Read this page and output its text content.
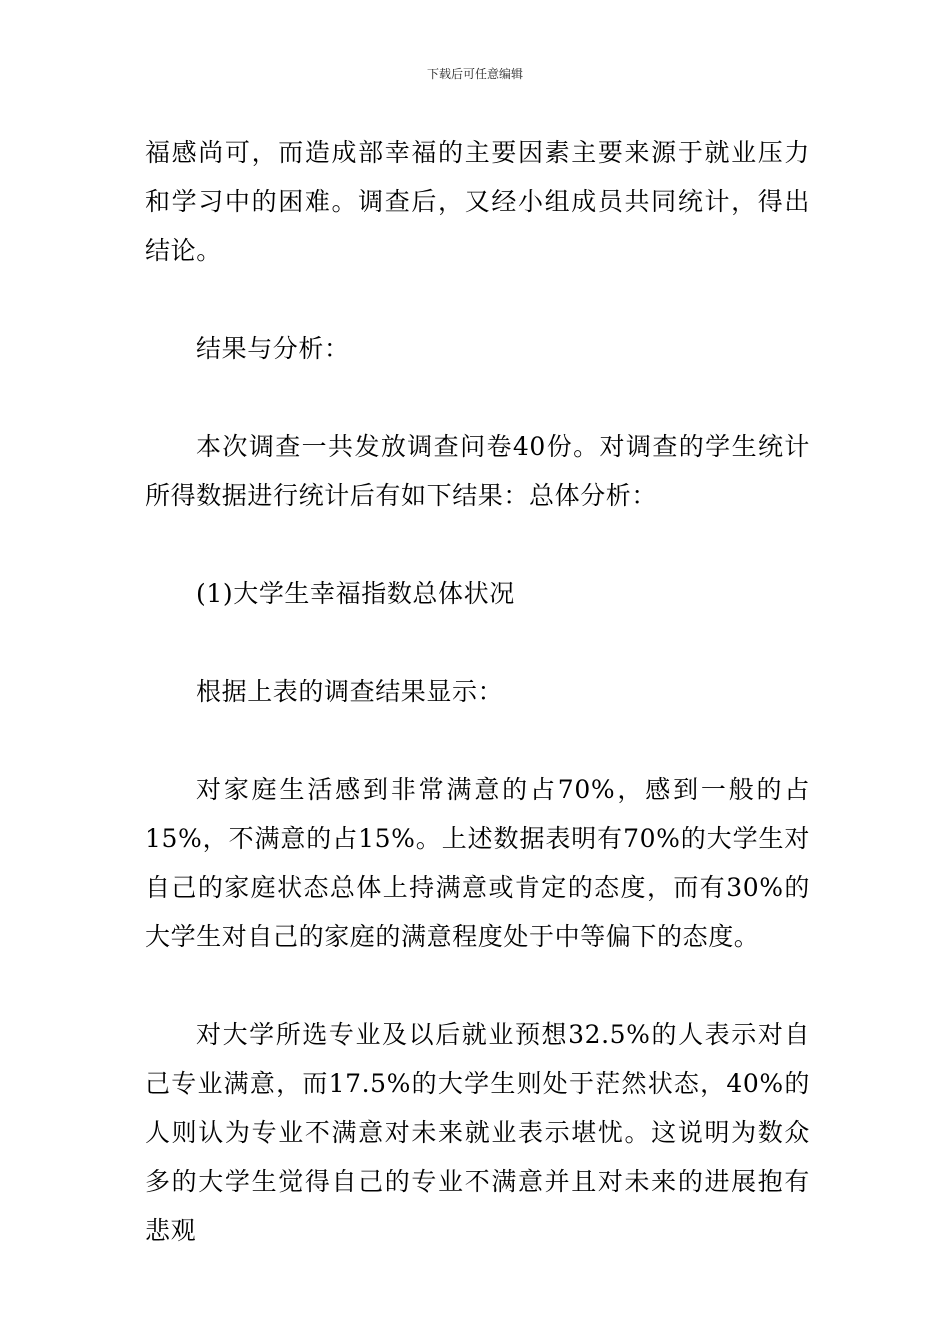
下载后可任意编辑

福感尚可，而造成部幸福的主要因素主要来源于就业压力和学习中的困难。调查后，又经小组成员共同统计，得出结论。

结果与分析：

本次调查一共发放调查问卷40份。对调查的学生统计所得数据进行统计后有如下结果：总体分析：

(1)大学生幸福指数总体状况

根据上表的调查结果显示：

对家庭生活感到非常满意的占70%，感到一般的占15%，不满意的占15%。上述数据表明有70%的大学生对自己的家庭状态总体上持满意或肯定的态度，而有30%的大学生对自己的家庭的满意程度处于中等偏下的态度。

对大学所选专业及以后就业预想32.5%的人表示对自己专业满意，而17.5%的大学生则处于茫然状态，40%的人则认为专业不满意对未来就业表示堪忧。这说明为数众多的大学生觉得自己的专业不满意并且对未来的进展抱有悲观
